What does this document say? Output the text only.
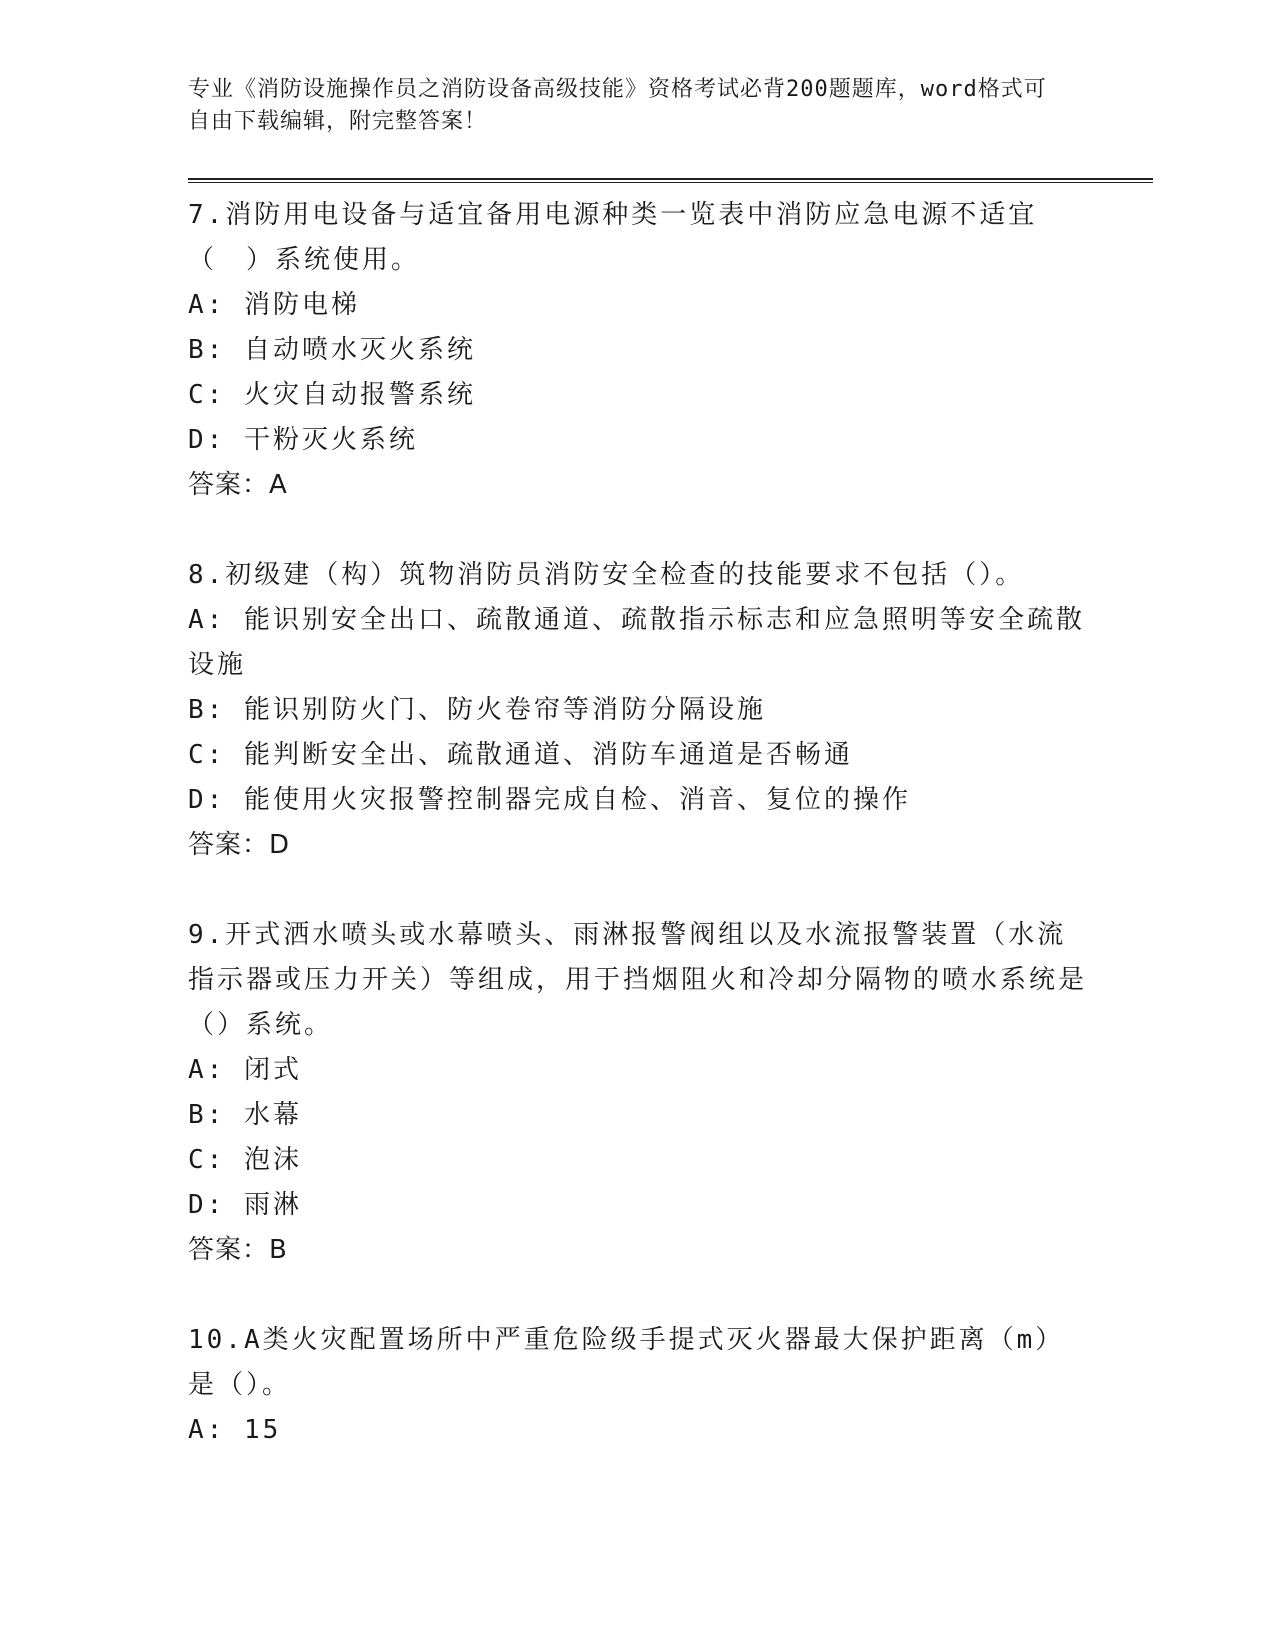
专业《消防设施操作员之消防设备高级技能》资格考试必背200题题库，word格式可自由下载编辑，附完整答案！

7.消防用电设备与适宜备用电源种类一览表中消防应急电源不适宜（　）系统使用。

A: 消防电梯

B: 自动喷水灭火系统

C: 火灾自动报警系统

D: 干粉灭火系统

答案：A

8.初级建（构）筑物消防员消防安全检查的技能要求不包括（）。

A: 能识别安全出口、疏散通道、疏散指示标志和应急照明等安全疏散设施

B: 能识别防火门、防火卷帘等消防分隔设施

C: 能判断安全出、疏散通道、消防车通道是否畅通

D: 能使用火灾报警控制器完成自检、消音、复位的操作

答案：D

9.开式洒水喷头或水幕喷头、雨淋报警阀组以及水流报警装置（水流指示器或压力开关）等组成，用于挡烟阻火和冷却分隔物的喷水系统是（）系统。

A: 闭式

B: 水幕

C: 泡沫

D: 雨淋

答案：B

10.A类火灾配置场所中严重危险级手提式灭火器最大保护距离（m）是（）。

A: 15
